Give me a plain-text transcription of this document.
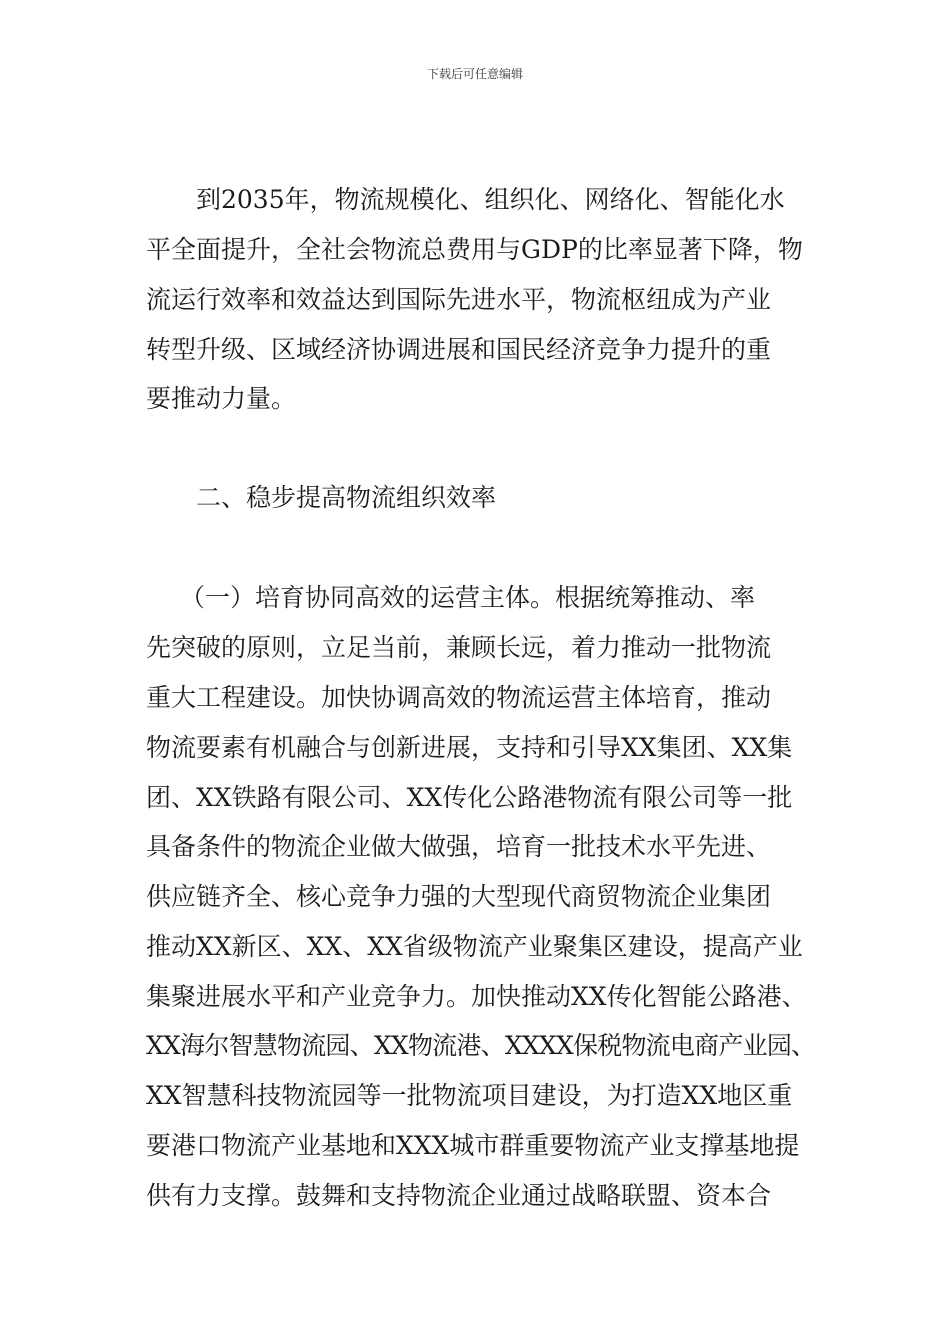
下载后可任意编辑
到2035年，物流规模化、组织化、网络化、智能化水
平全面提升，全社会物流总费用与GDP的比率显著下降，物
流运行效率和效益达到国际先进水平，物流枢纽成为产业
转型升级、区域经济协调进展和国民经济竞争力提升的重
要推动力量。
二、稳步提高物流组织效率
（一）培育协同高效的运营主体。根据统筹推动、率
先突破的原则，立足当前，兼顾长远，着力推动一批物流
重大工程建设。加快协调高效的物流运营主体培育，推动
物流要素有机融合与创新进展，支持和引导XX集团、XX集
团、XX铁路有限公司、XX传化公路港物流有限公司等一批
具备条件的物流企业做大做强，培育一批技术水平先进、
供应链齐全、核心竞争力强的大型现代商贸物流企业集团
推动XX新区、XX、XX省级物流产业聚集区建设，提高产业
集聚进展水平和产业竞争力。加快推动XX传化智能公路港、
XX海尔智慧物流园、XX物流港、XXXX保税物流电商产业园、
XX智慧科技物流园等一批物流项目建设，为打造XX地区重
要港口物流产业基地和XXX城市群重要物流产业支撑基地提
供有力支撑。鼓舞和支持物流企业通过战略联盟、资本合
